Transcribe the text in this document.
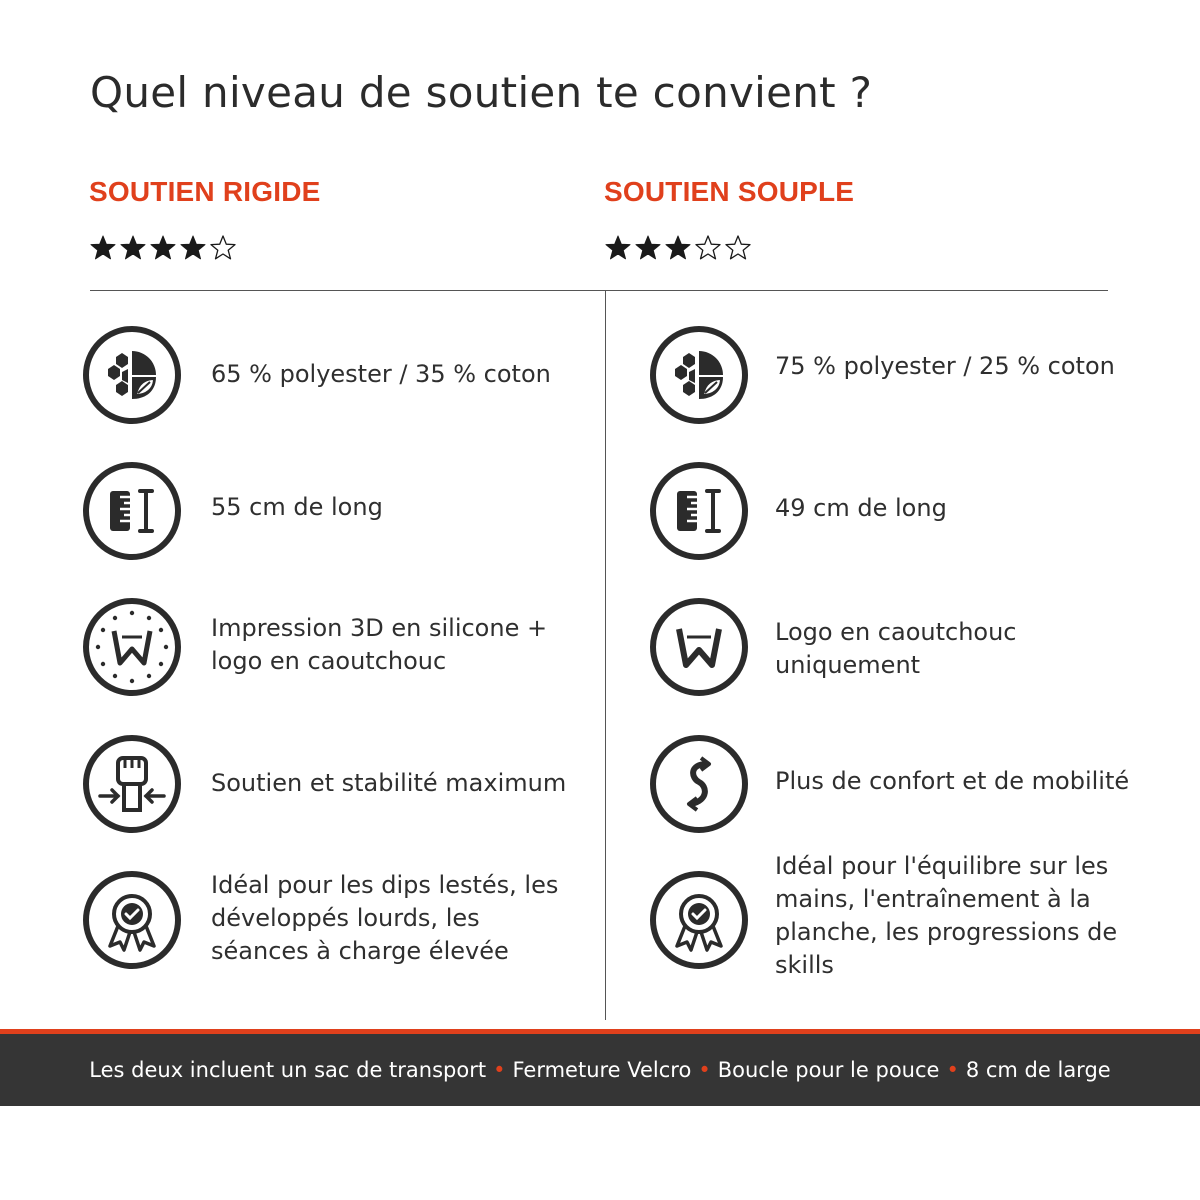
Quel niveau de soutien te convient ?
SOUTIEN RIGIDE	SOUTIEN SOUPLE
65 % polyester / 35 % coton
55 cm de long
Impression 3D en silicone +
logo en caoutchouc
Soutien et stabilité maximum
Idéal pour les dips lestés, les
développés lourds, les
séances à charge élevée
75 % polyester / 25 % coton
49 cm de long
Logo en caoutchouc
uniquement
Plus de confort et de mobilité
Idéal pour l'équilibre sur les
mains, l'entraînement à la
planche, les progressions de
skills
Les deux incluent un sac de transport • Fermeture Velcro • Boucle pour le pouce • 8 cm de large
